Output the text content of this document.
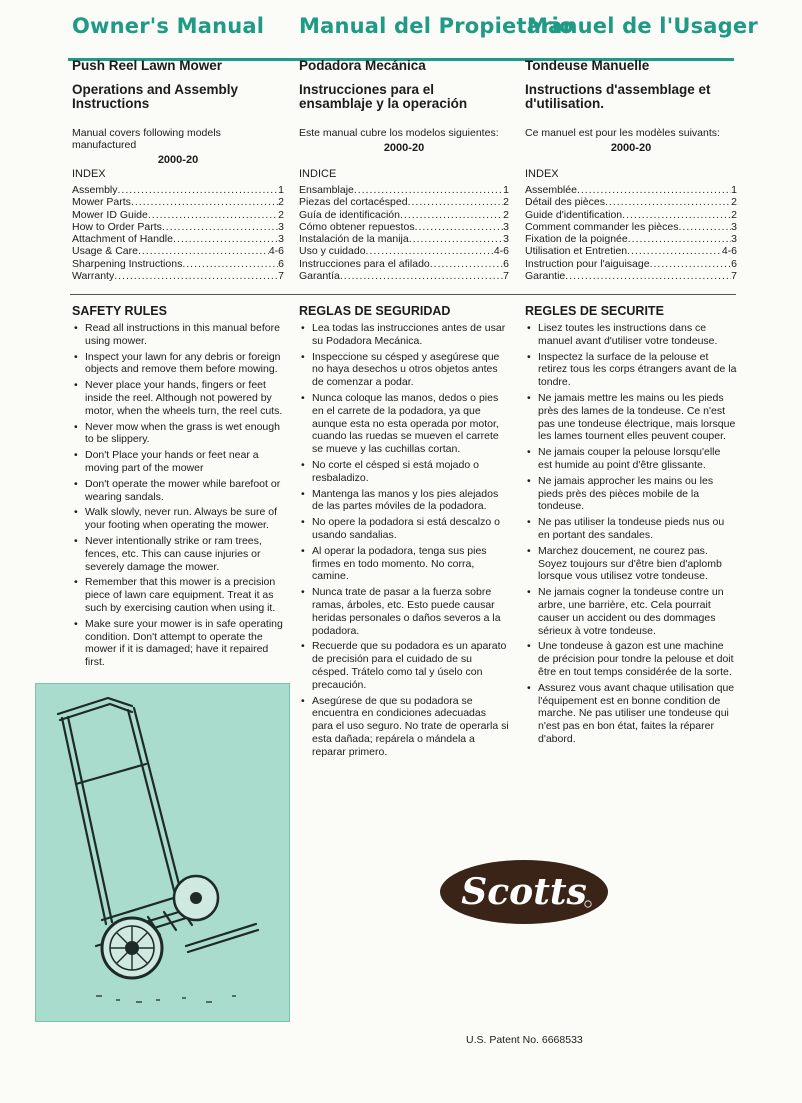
Owner's Manual Manual del Propietario
Manuel de l'Usager

Push Reel Lawn Mower

Operations and Assembly Instructions

Manual covers following models manufactured

2000-20

Podadora Mecánica

Instrucciones para el ensamblaje y la operación

Este manual cubre los modelos siguientes:

2000-20

Tondeuse Manuelle

Instructions d'assemblage et d'utilisation.

Ce manuel est pour les modèles suivants:

2000-20

INDEX
Assembly .....	1
Mower Parts .....	2
Mower ID Guide .....	2
How to Order Parts .....	3
Attachment of Handle .....	3
Usage & Care .....	4-6
Sharpening Instructions .....	6
Warranty .....	7
INDICE
Ensamblaje .....	1
Piezas del cortacésped .....	2
Guía de identificación .....	2
Cómo obtener repuestos .....	3
Instalación de la manija .....	3
Uso y cuidado .....	4-6
Instrucciones para el afilado .....	6
Garantía .....	7
INDEX
Assemblée .....	1
Détail des pièces .....	2
Guide d'identification .....	2
Comment commander les pièces .....	3
Fixation de la poignée .....	3
Utilisation et Entretien .....	4-6
Instruction pour l'aiguisage .....	6
Garantie .....	7
SAFETY RULES
• Read all instructions in this manual before using mower.
• Inspect your lawn for any debris or foreign objects and remove them before mowing.
• Never place your hands, fingers or feet inside the reel. Although not powered by motor, when the wheels turn, the reel cuts.
• Never mow when the grass is wet enough to be slippery.
• Don't Place your hands or feet near a moving part of the mower
• Don't operate the mower while barefoot or wearing sandals.
• Walk slowly, never run. Always be sure of your footing when operating the mower.
• Never intentionally strike or ram trees, fences, etc. This can cause injuries or severely damage the mower.
• Remember that this mower is a precision piece of lawn care equipment. Treat it as such by exercising caution when using it.
• Make sure your mower is in safe operating condition. Don't attempt to operate the mower if it is damaged; have it repaired first.
REGLAS DE SEGURIDAD
• Lea todas las instrucciones antes de usar su Podadora Mecánica.
• Inspeccione su césped y asegúrese que no haya desechos u otros objetos antes de comenzar a podar.
• Nunca coloque las manos, dedos o pies en el carrete de la podadora, ya que aunque esta no esta operada por motor, cuando las ruedas se mueven el carrete se mueve y las cuchillas cortan.
• No corte el césped si está mojado o resbaladizo.
• Mantenga las manos y los pies alejados de las partes móviles de la podadora.
• No opere la podadora si está descalzo o usando sandalias.
• Al operar la podadora, tenga sus pies firmes en todo momento. No corra, camine.
• Nunca trate de pasar a la fuerza sobre ramas, árboles, etc. Esto puede causar heridas personales o daños severos a la podadora.
• Recuerde que su podadora es un aparato de precisión para el cuidado de su césped. Trátelo como tal y úselo con precaución.
• Asegúrese de que su podadora se encuentra en condiciones adecuadas para el uso seguro. No trate de operarla si esta dañada; repárela o mándela a reparar primero.
REGLES DE SECURITE
• Lisez toutes les instructions dans ce manuel avant d'utiliser votre tondeuse.
• Inspectez la surface de la pelouse et retirez tous les corps étrangers avant de la tondre.
• Ne jamais mettre les mains ou les pieds près des lames de la tondeuse. Ce n'est pas une tondeuse électrique, mais lorsque les lames tournent elles peuvent couper.
• Ne jamais couper la pelouse lorsqu'elle est humide au point d'être glissante.
• Ne jamais approcher les mains ou les pieds près des pièces mobile de la tondeuse.
• Ne pas utiliser la tondeuse pieds nus ou en portant des sandales.
• Marchez doucement, ne courez pas. Soyez toujours sur d'être bien d'aplomb lorsque vous utilisez votre tondeuse.
• Ne jamais cogner la tondeuse contre un arbre, une barrière, etc. Cela pourrait causer un accident ou des dommages sérieux à votre tondeuse.
• Une tondeuse à gazon est une machine de précision pour tondre la pelouse et doit être en tout temps considérée de la sorte.
• Assurez vous avant chaque utilisation que l'équipement est en bonne condition de marche. Ne pas utiliser une tondeuse qui n'est pas en bon état, faites la réparer d'abord.
Scotts
U.S. Patent No. 6668533
